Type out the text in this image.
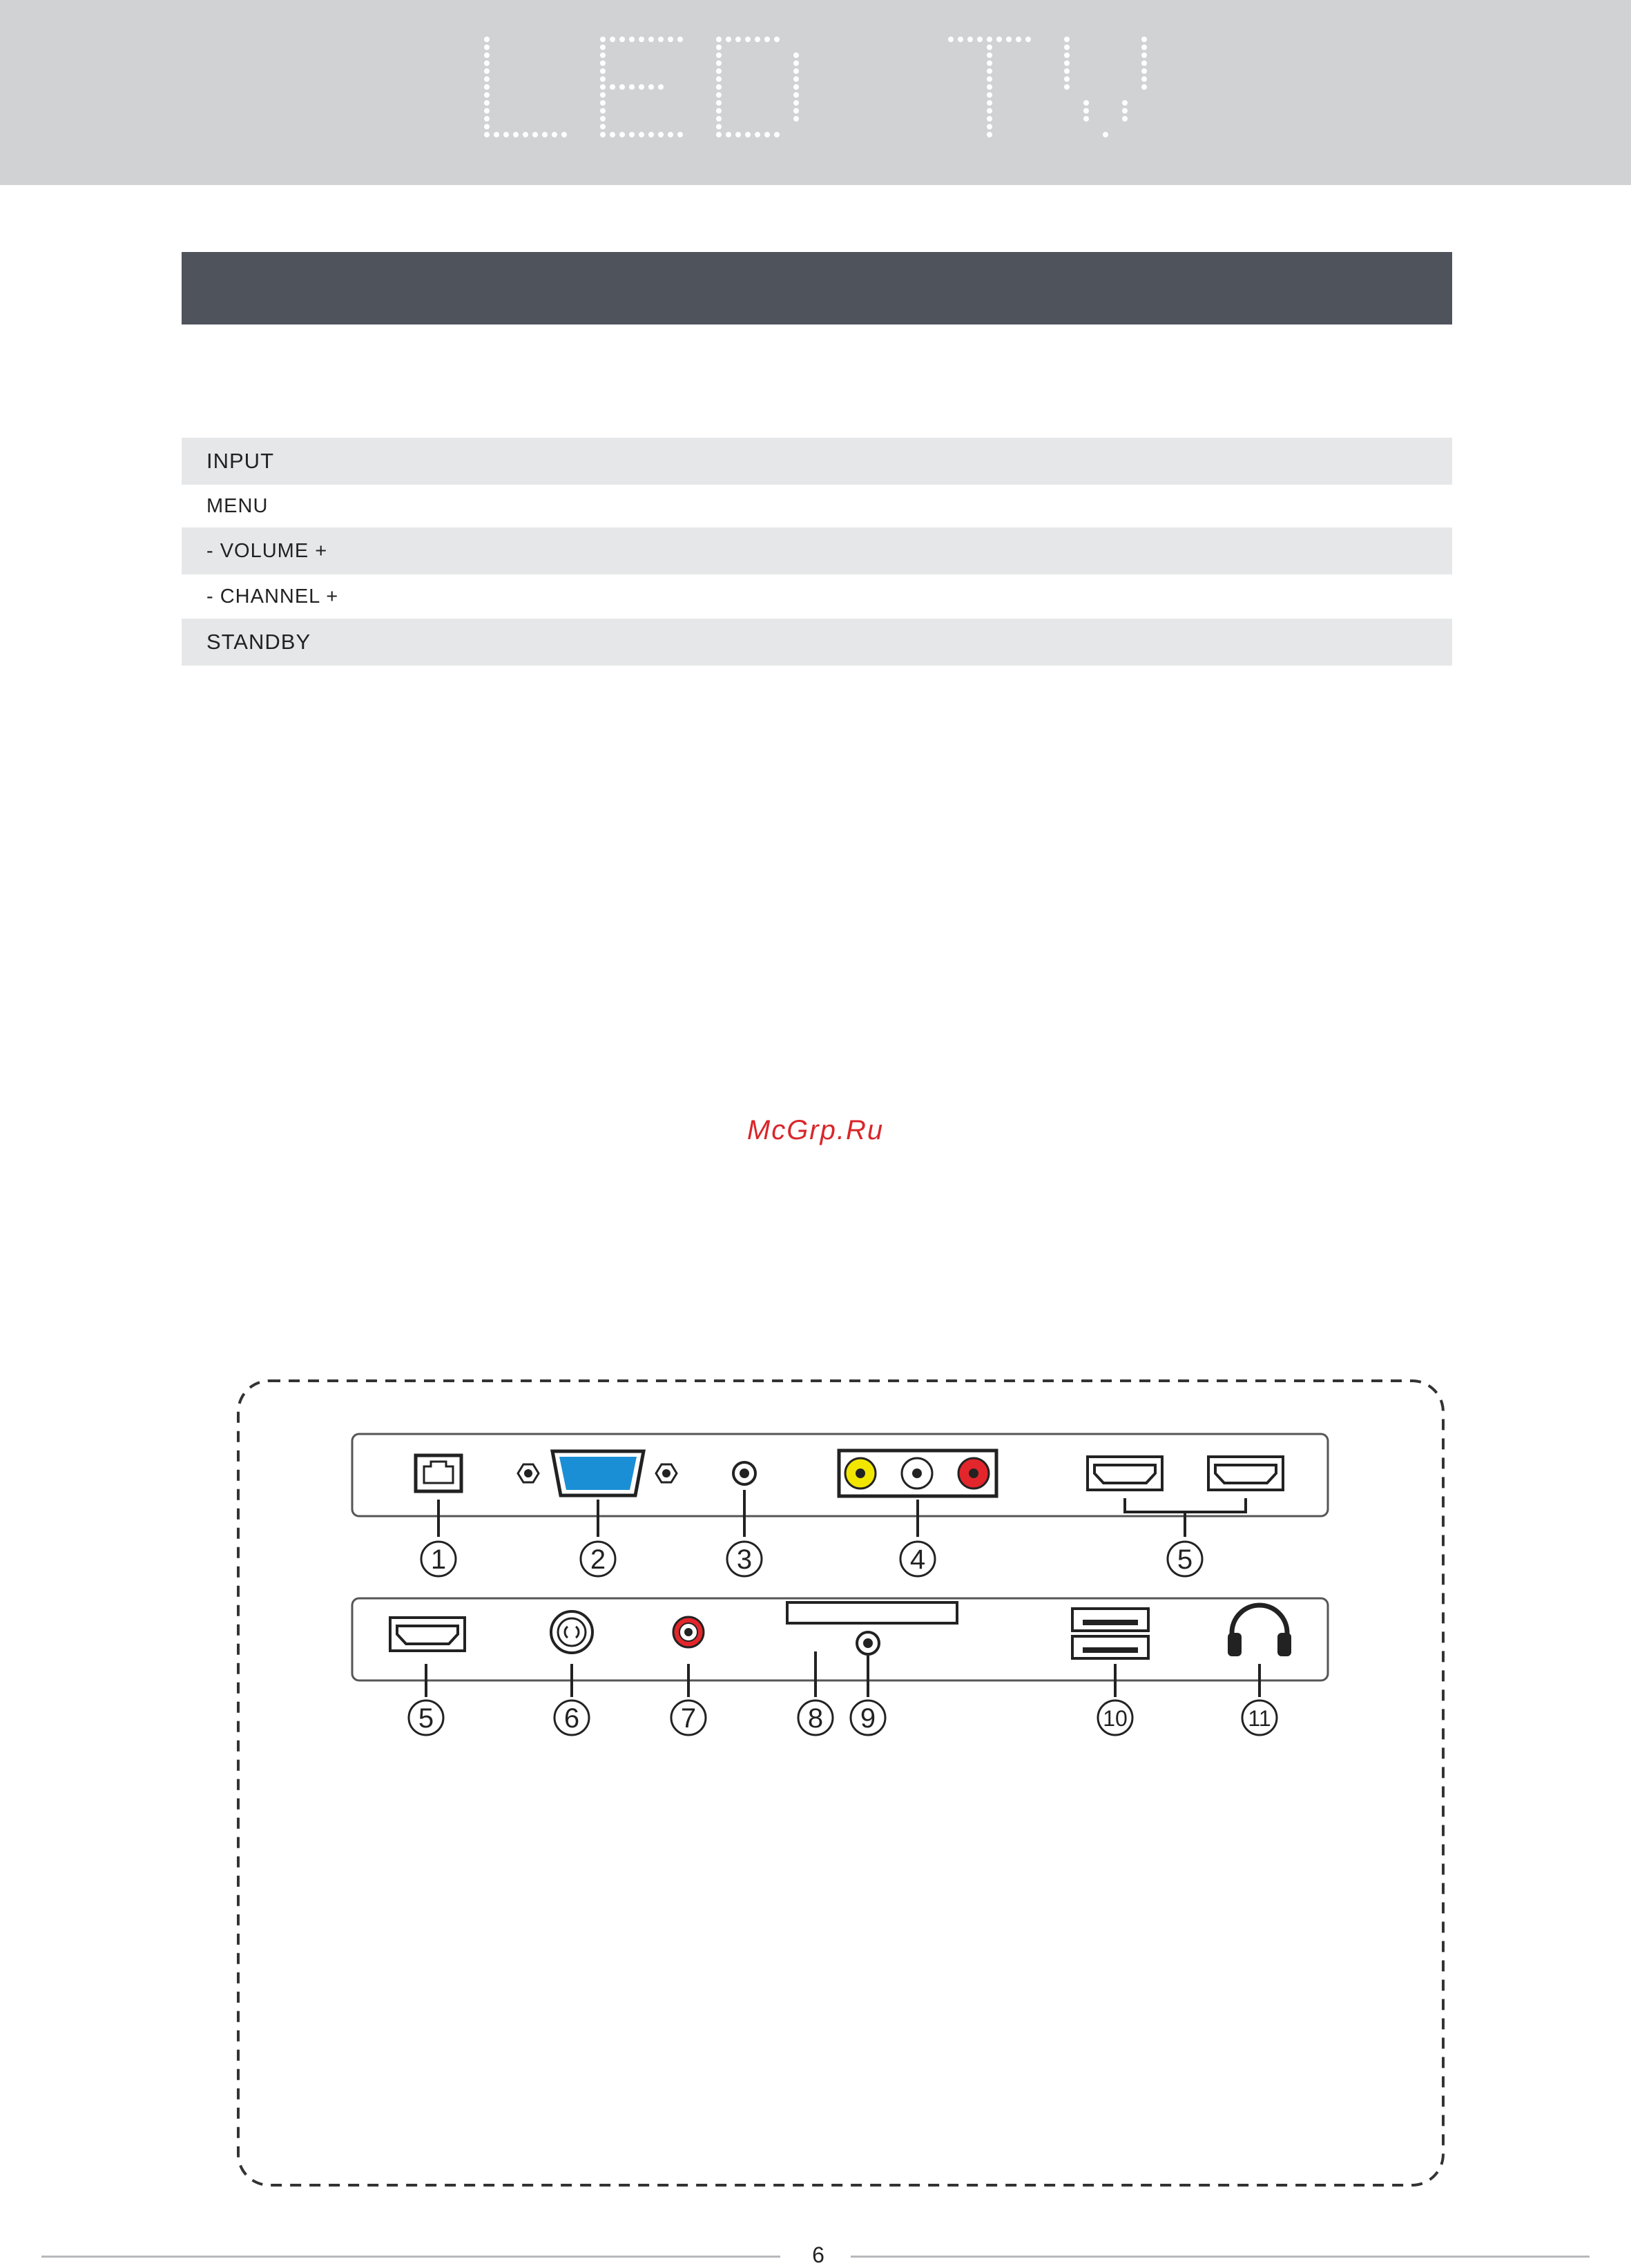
INPUT
MENU
- VOLUME +
- CHANNEL +
STANDBY
McGrp.Ru
1	2	3	4	5
5	6	7	8 9	10	11
6
